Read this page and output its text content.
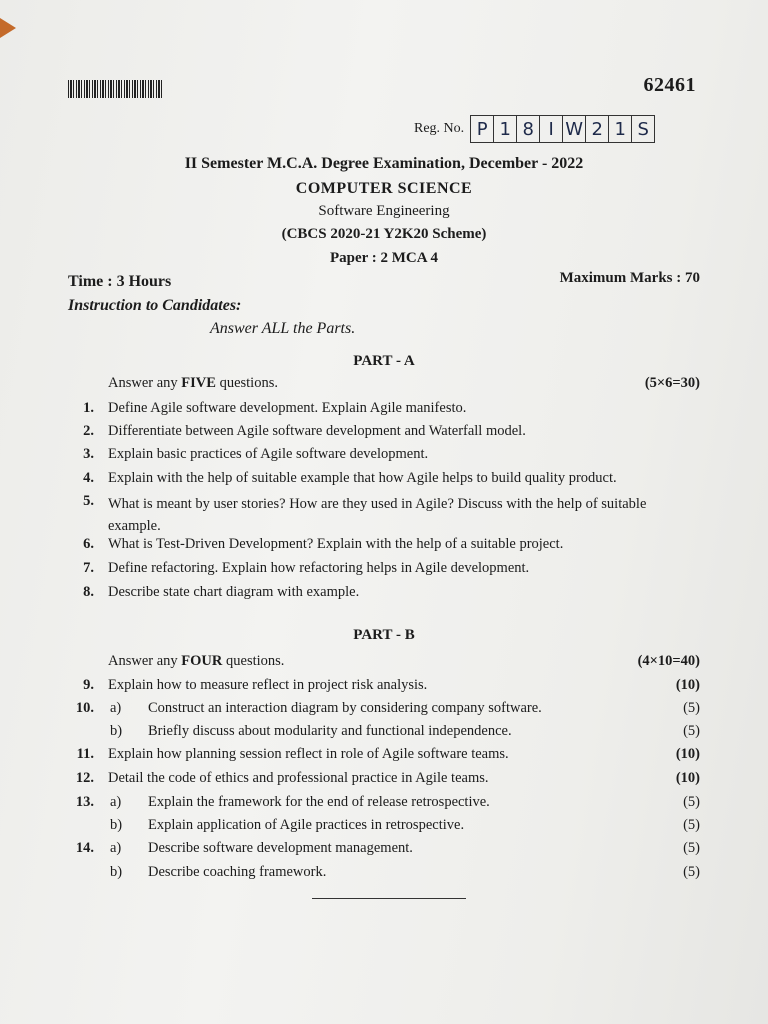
62461
Reg. No. P 1 8 I W 2 1 S
II Semester M.C.A. Degree Examination, December - 2022
COMPUTER SCIENCE
Software Engineering
(CBCS 2020-21 Y2K20 Scheme)
Paper : 2 MCA 4
Time : 3 Hours	Maximum Marks : 70
Instruction to Candidates:
Answer ALL the Parts.
PART - A
Answer any FIVE questions.	(5×6=30)
1. Define Agile software development. Explain Agile manifesto.
2. Differentiate between Agile software development and Waterfall model.
3. Explain basic practices of Agile software development.
4. Explain with the help of suitable example that how Agile helps to build quality product.
5. What is meant by user stories? How are they used in Agile? Discuss with the help of suitable example.
6. What is Test-Driven Development? Explain with the help of a suitable project.
7. Define refactoring. Explain how refactoring helps in Agile development.
8. Describe state chart diagram with example.
PART - B
Answer any FOUR questions.	(4×10=40)
9. Explain how to measure reflect in project risk analysis.	(10)
10. a) Construct an interaction diagram by considering company software.	(5)
b) Briefly discuss about modularity and functional independence.	(5)
11. Explain how planning session reflect in role of Agile software teams.	(10)
12. Detail the code of ethics and professional practice in Agile teams.	(10)
13. a) Explain the framework for the end of release retrospective.	(5)
b) Explain application of Agile practices in retrospective.	(5)
14. a) Describe software development management.	(5)
b) Describe coaching framework.	(5)
